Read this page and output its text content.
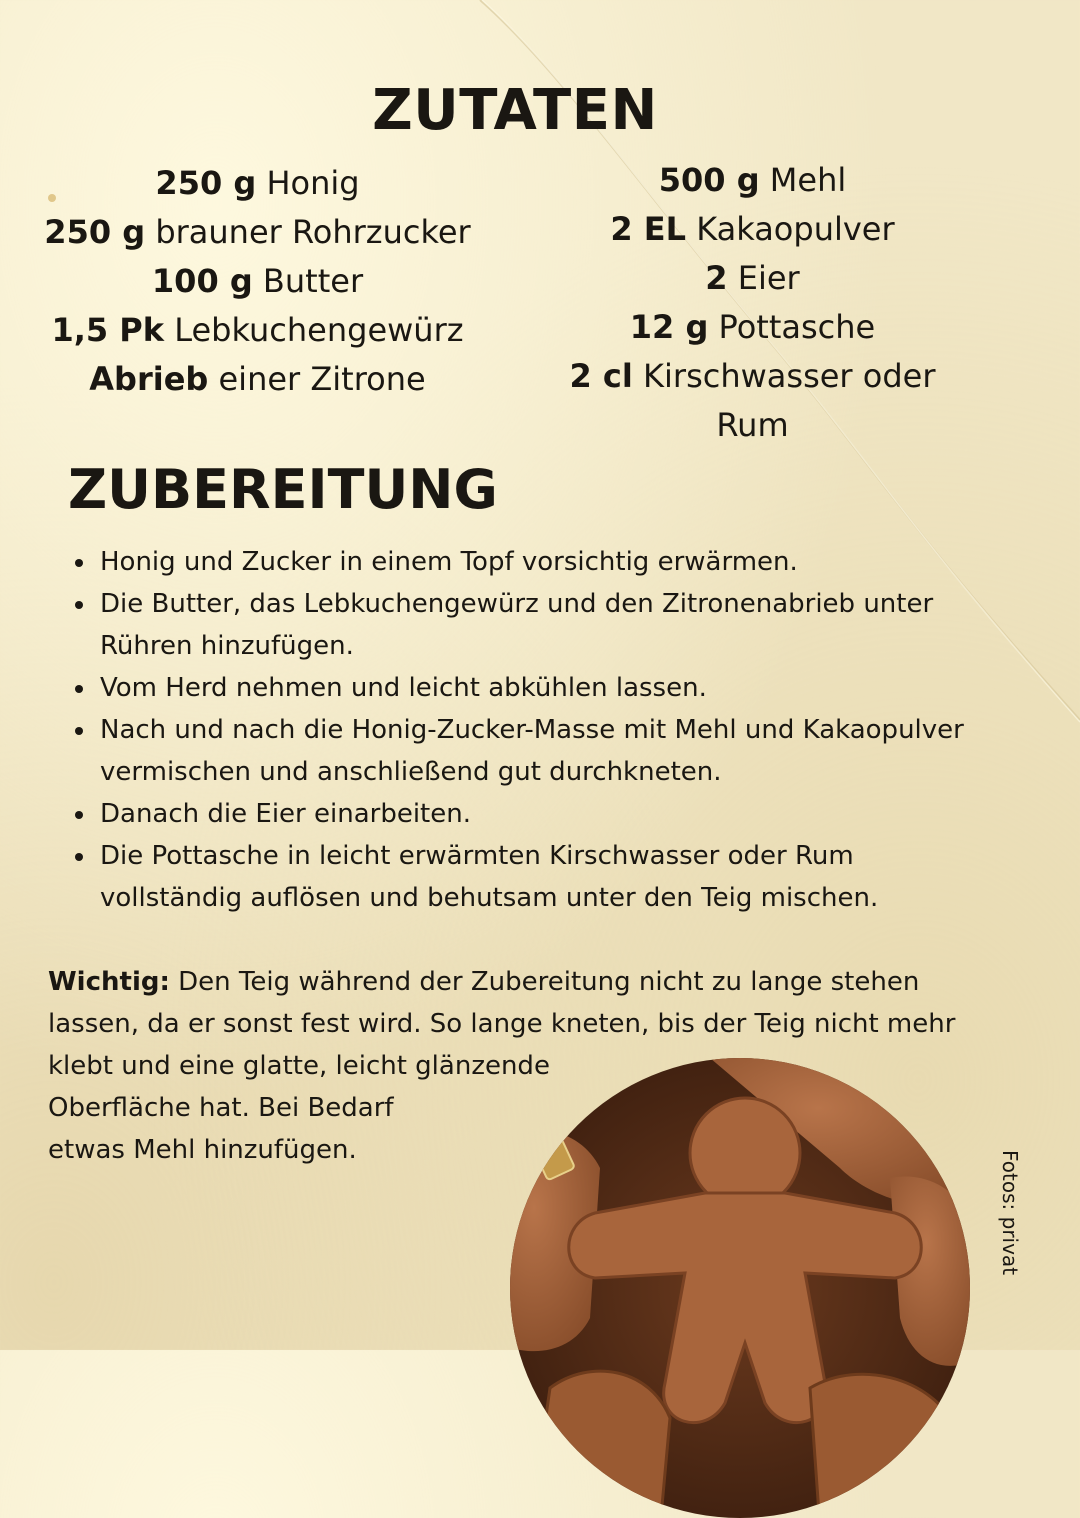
ZUTATEN
250 g Honig
250 g brauner Rohrzucker
100 g Butter
1,5 Pk Lebkuchengewürz
Abrieb einer Zitrone
500 g Mehl
2 EL Kakaopulver
2 Eier
12 g Pottasche
2 cl Kirschwasser oder
Rum
ZUBEREITUNG
Honig und Zucker in einem Topf vorsichtig erwärmen.
Die Butter, das Lebkuchengewürz und den Zitronenabrieb unter
Rühren hinzufügen.
Vom Herd nehmen und leicht abkühlen lassen.
Nach und nach die Honig-Zucker-Masse mit Mehl und Kakaopulver
vermischen und anschließend gut durchkneten.
Danach die Eier einarbeiten.
Die Pottasche in leicht erwärmten Kirschwasser oder Rum
vollständig auflösen und behutsam unter den Teig mischen.
Wichtig: Den Teig während der Zubereitung nicht zu lange stehen
lassen, da er sonst fest wird. So lange kneten, bis der Teig nicht mehr
klebt und eine glatte, leicht glänzende
Oberfläche hat. Bei Bedarf
etwas Mehl hinzufügen.	Fotos: privat
